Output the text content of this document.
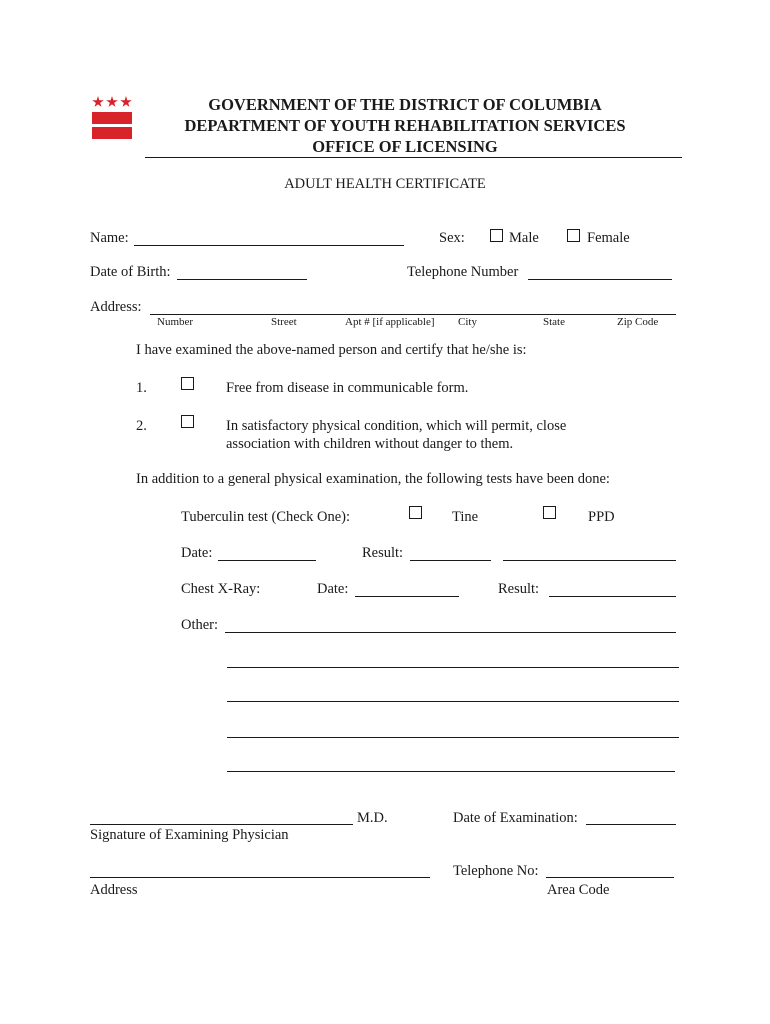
GOVERNMENT OF THE DISTRICT OF COLUMBIA
DEPARTMENT OF YOUTH REHABILITATION SERVICES
OFFICE OF LICENSING
ADULT HEALTH CERTIFICATE
Name:	Sex:	Male	Female
Date of Birth:	Telephone Number
Address:
Number	Street	Apt # [if applicable] City	State	Zip Code
I have examined the above-named person and certify that he/she is:
1.	Free from disease in communicable form.
2.	In satisfactory physical condition, which will permit, close
association with children without danger to them.
In addition to a general physical examination, the following tests have been done:
Tuberculin test (Check One):	Tine	PPD
Date:	Result:
Chest X-Ray:	Date:	Result:
Other:
M.D.
Signature of Examining Physician
Date of Examination:
Address
Telephone No:
Area Code
